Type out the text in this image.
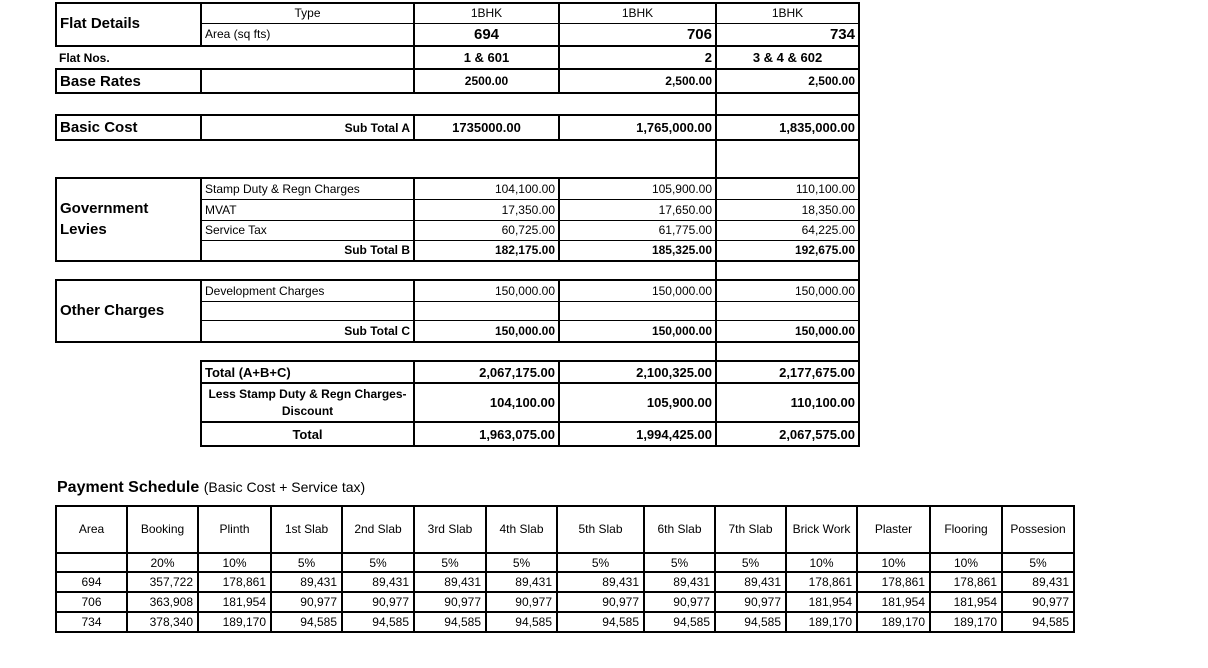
Flat Details	Type	1BHK	1BHK	1BHK
	Area (sq fts)	694	706	734
Flat Nos.		1 & 601	2	3 & 4 & 602
Base Rates		2500.00	2,500.00	2,500.00

Basic Cost	Sub Total A	1735000.00	1,765,000.00	1,835,000.00

Government Levies	Stamp Duty & Regn Charges	104,100.00	105,900.00	110,100.00
	MVAT	17,350.00	17,650.00	18,350.00
	Service Tax	60,725.00	61,775.00	64,225.00
	Sub Total B	182,175.00	185,325.00	192,675.00

Other Charges	Development Charges	150,000.00	150,000.00	150,000.00

	Sub Total C	150,000.00	150,000.00	150,000.00

	Total (A+B+C)	2,067,175.00	2,100,325.00	2,177,675.00
	Less Stamp Duty & Regn Charges-Discount	104,100.00	105,900.00	110,100.00
	Total	1,963,075.00	1,994,425.00	2,067,575.00
Payment Schedule (Basic Cost + Service tax)
Area	Booking	Plinth	1st Slab	2nd Slab	3rd Slab	4th Slab	5th Slab	6th Slab	7th Slab	Brick Work	Plaster	Flooring	Possesion
	20%	10%	5%	5%	5%	5%	5%	5%	5%	10%	10%	10%	5%
694	357,722	178,861	89,431	89,431	89,431	89,431	89,431	89,431	89,431	178,861	178,861	178,861	89,431
706	363,908	181,954	90,977	90,977	90,977	90,977	90,977	90,977	90,977	181,954	181,954	181,954	90,977
734	378,340	189,170	94,585	94,585	94,585	94,585	94,585	94,585	94,585	189,170	189,170	189,170	94,585
